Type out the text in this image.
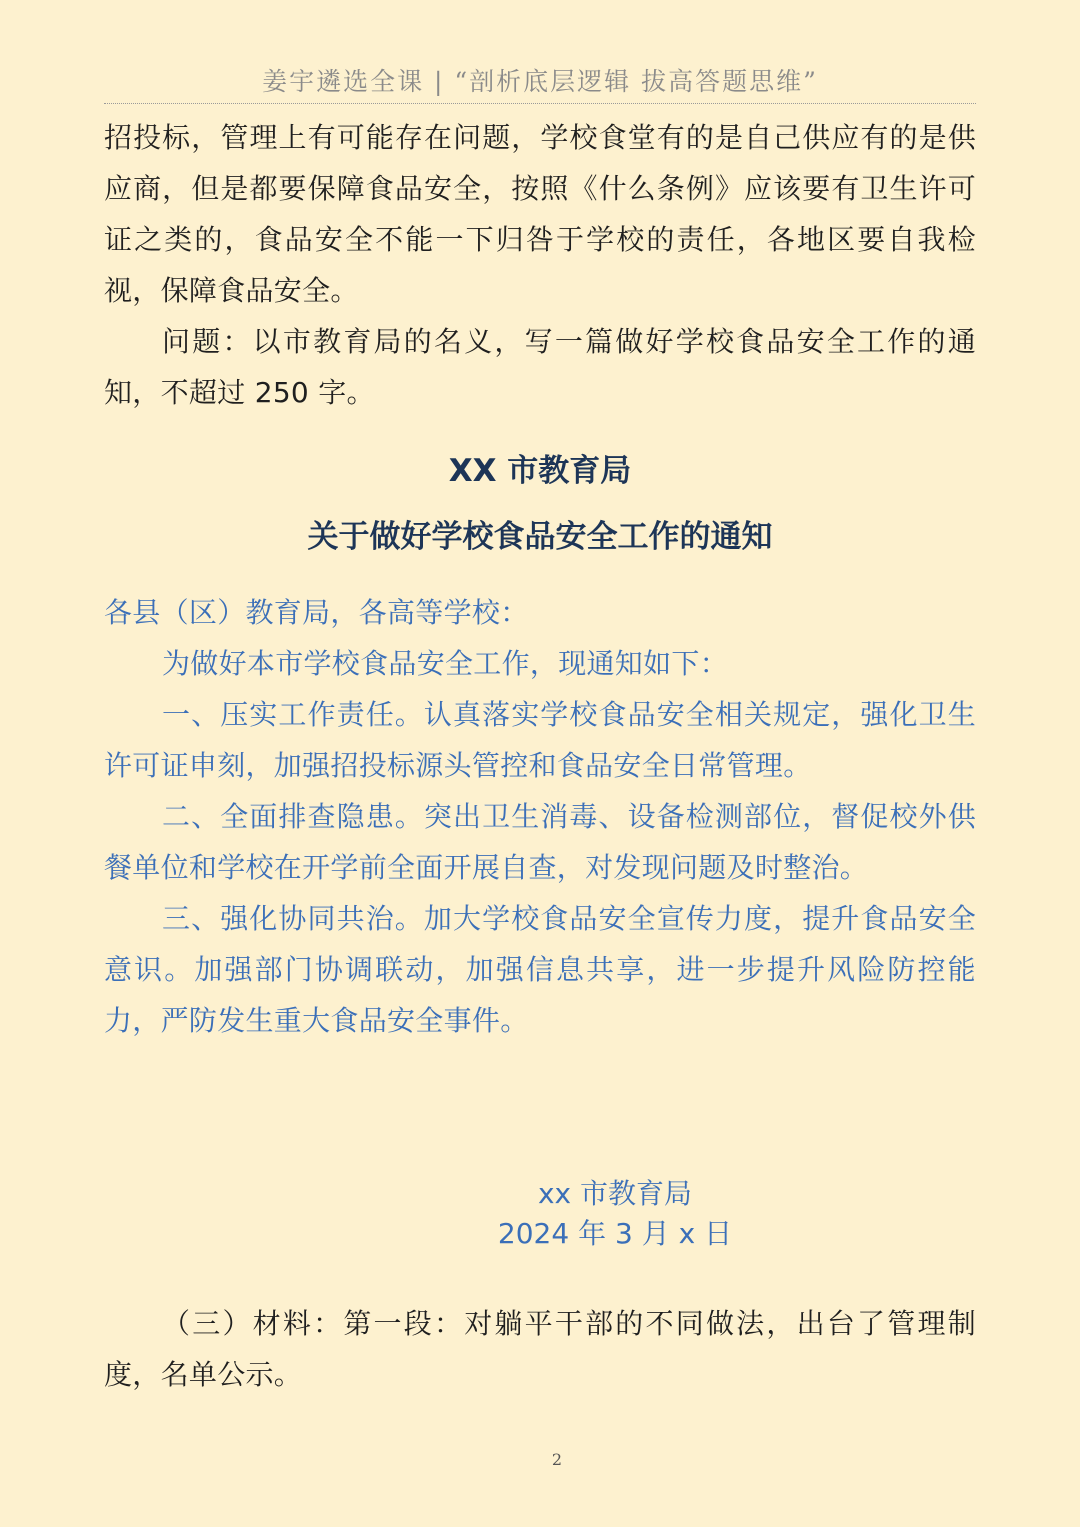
姜宇遴选全课 | “剖析底层逻辑 拔高答题思维”

招投标，管理上有可能存在问题，学校食堂有的是自己供应有的是供应商，但是都要保障食品安全，按照《什么条例》应该要有卫生许可证之类的，食品安全不能一下归咎于学校的责任，各地区要自我检视，保障食品安全。

问题：以市教育局的名义，写一篇做好学校食品安全工作的通知，不超过 250 字。

XX 市教育局

关于做好学校食品安全工作的通知

各县（区）教育局，各高等学校：

为做好本市学校食品安全工作，现通知如下：

一、压实工作责任。认真落实学校食品安全相关规定，强化卫生许可证申刻，加强招投标源头管控和食品安全日常管理。

二、全面排查隐患。突出卫生消毒、设备检测部位，督促校外供餐单位和学校在开学前全面开展自查，对发现问题及时整治。

三、强化协同共治。加大学校食品安全宣传力度，提升食品安全意识。加强部门协调联动，加强信息共享，进一步提升风险防控能力，严防发生重大食品安全事件。

xx 市教育局
2024 年 3 月 x 日

（三）材料：第一段：对躺平干部的不同做法，出台了管理制度，名单公示。

2
